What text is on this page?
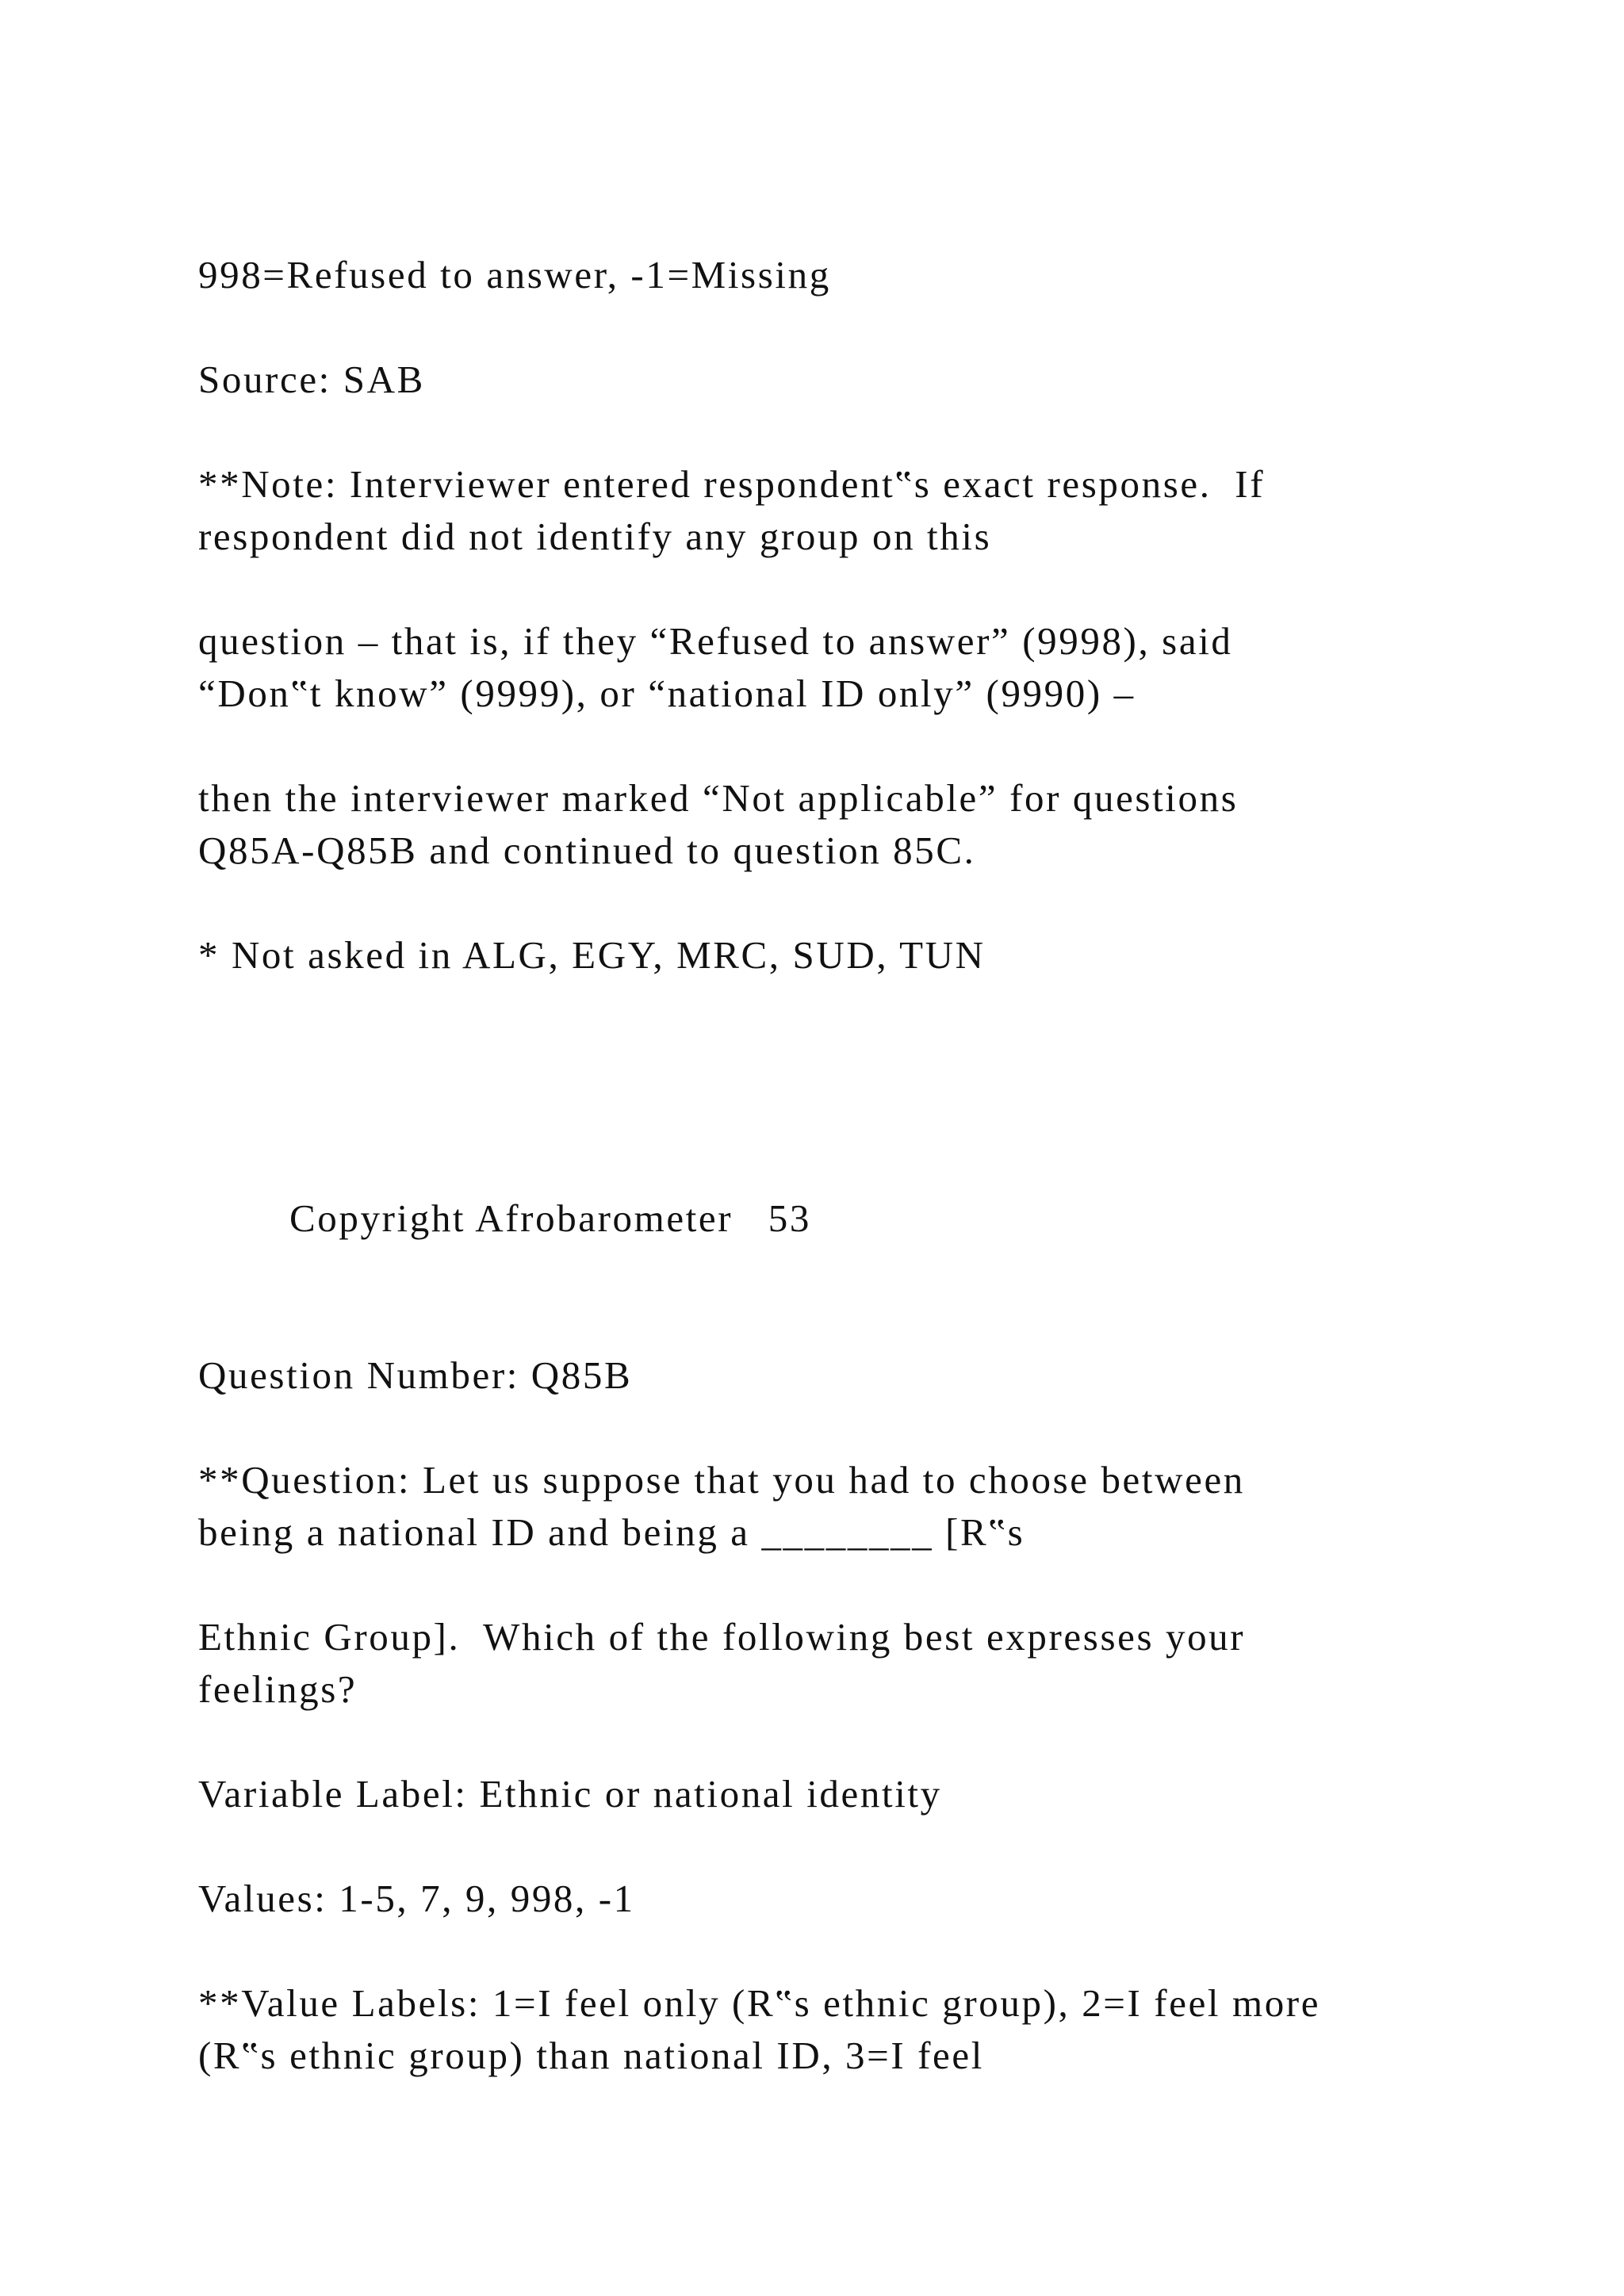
998=Refused to answer, -1=Missing
Source: SAB
**Note: Interviewer entered respondent‟s exact response.  If
respondent did not identify any group on this
question – that is, if they “Refused to answer” (9998), said
“Don‟t know” (9999), or “national ID only” (9990) –
then the interviewer marked “Not applicable” for questions
Q85A-Q85B and continued to question 85C.
* Not asked in ALG, EGY, MRC, SUD, TUN
Copyright Afrobarometer   53
Question Number: Q85B
**Question: Let us suppose that you had to choose between
being a national ID and being a ________ [R‟s
Ethnic Group].  Which of the following best expresses your
feelings?
Variable Label: Ethnic or national identity
Values: 1-5, 7, 9, 998, -1
**Value Labels: 1=I feel only (R‟s ethnic group), 2=I feel more
(R‟s ethnic group) than national ID, 3=I feel
